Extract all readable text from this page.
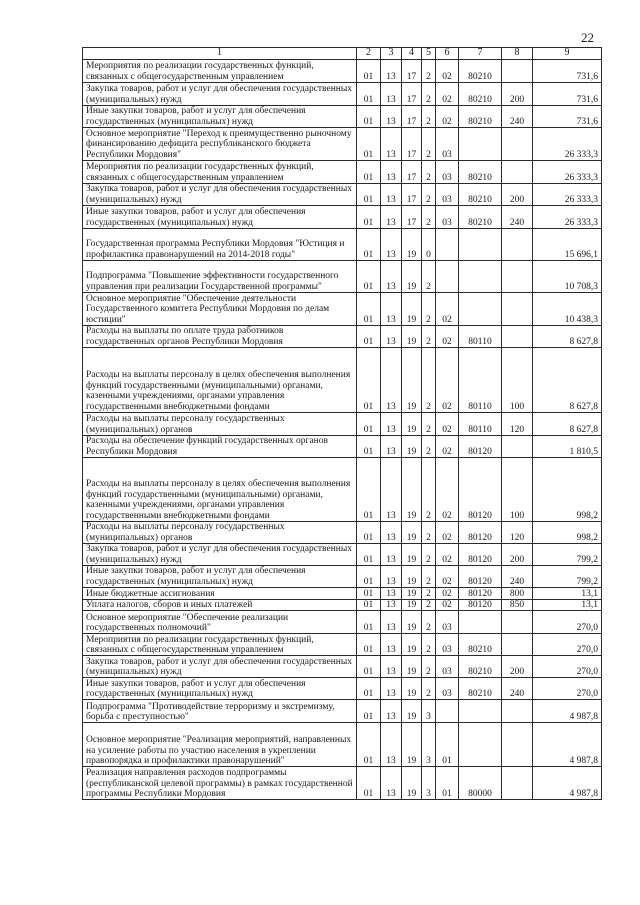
22
1	2	3	4	5	6	7	8	9
Мероприятия по реализации государственных функций, связанных с общегосударственным управлением	01	13	17	2	02	80210		731,6
Закупка товаров, работ и услуг для обеспечения государственных (муниципальных) нужд	01	13	17	2	02	80210	200	731,6
Иные закупки товаров, работ и услуг для обеспечения государственных (муниципальных) нужд	01	13	17	2	02	80210	240	731,6
Основное мероприятие "Переход к преимущественно рыночному финансированию дефицита республиканского бюджета Республики Мордовия"	01	13	17	2	03			26 333,3
Мероприятия по реализации государственных функций, связанных с общегосударственным управлением	01	13	17	2	03	80210		26 333,3
Закупка товаров, работ и услуг для обеспечения государственных (муниципальных) нужд	01	13	17	2	03	80210	200	26 333,3
Иные закупки товаров, работ и услуг для обеспечения государственных (муниципальных) нужд	01	13	17	2	03	80210	240	26 333,3
Государственная программа Республики Мордовия "Юстиция и профилактика правонарушений на 2014-2018 годы"	01	13	19	0				15 696,1
Подпрограмма "Повышение эффективности государственного управления при реализации Государственной программы"	01	13	19	2				10 708,3
Основное мероприятие "Обеспечение деятельности Государственного комитета Республики Мордовия по делам юстиции"	01	13	19	2	02			10 438,3
Расходы на выплаты по оплате труда работников государственных органов Республики Мордовия	01	13	19	2	02	80110		8 627,8
Расходы на выплаты персоналу в целях обеспечения выполнения функций государственными (муниципальными) органами, казенными учреждениями, органами управления государственными внебюджетными фондами	01	13	19	2	02	80110	100	8 627,8
Расходы на выплаты персоналу государственных (муниципальных) органов	01	13	19	2	02	80110	120	8 627,8
Расходы на обеспечение функций государственных органов Республики Мордовия	01	13	19	2	02	80120		1 810,5
Расходы на выплаты персоналу в целях обеспечения выполнения функций государственными (муниципальными) органами, казенными учреждениями, органами управления государственными внебюджетными фондами	01	13	19	2	02	80120	100	998,2
Расходы на выплаты персоналу государственных (муниципальных) органов	01	13	19	2	02	80120	120	998,2
Закупка товаров, работ и услуг для обеспечения государственных (муниципальных) нужд	01	13	19	2	02	80120	200	799,2
Иные закупки товаров, работ и услуг для обеспечения государственных (муниципальных) нужд	01	13	19	2	02	80120	240	799,2
Иные бюджетные ассигнования	01	13	19	2	02	80120	800	13,1
Уплата налогов, сборов и иных платежей	01	13	19	2	02	80120	850	13,1
Основное мероприятие "Обеспечение реализации государственных полномочий"	01	13	19	2	03			270,0
Мероприятия по реализации государственных функций, связанных с общегосударственным управлением	01	13	19	2	03	80210		270,0
Закупка товаров, работ и услуг для обеспечения государственных (муниципальных) нужд	01	13	19	2	03	80210	200	270,0
Иные закупки товаров, работ и услуг для обеспечения государственных (муниципальных) нужд	01	13	19	2	03	80210	240	270,0
Подпрограмма "Противодействие терроризму и экстремизму, борьба с преступностью"	01	13	19	3				4 987,8
Основное мероприятие "Реализация мероприятий, направленных на усиление работы по участию населения в укреплении правопорядка и профилактики правонарушений"	01	13	19	3	01			4 987,8
Реализация направления расходов подпрограммы (республиканской целевой программы) в рамках государственной программы Республики Мордовия	01	13	19	3	01	80000		4 987,8
